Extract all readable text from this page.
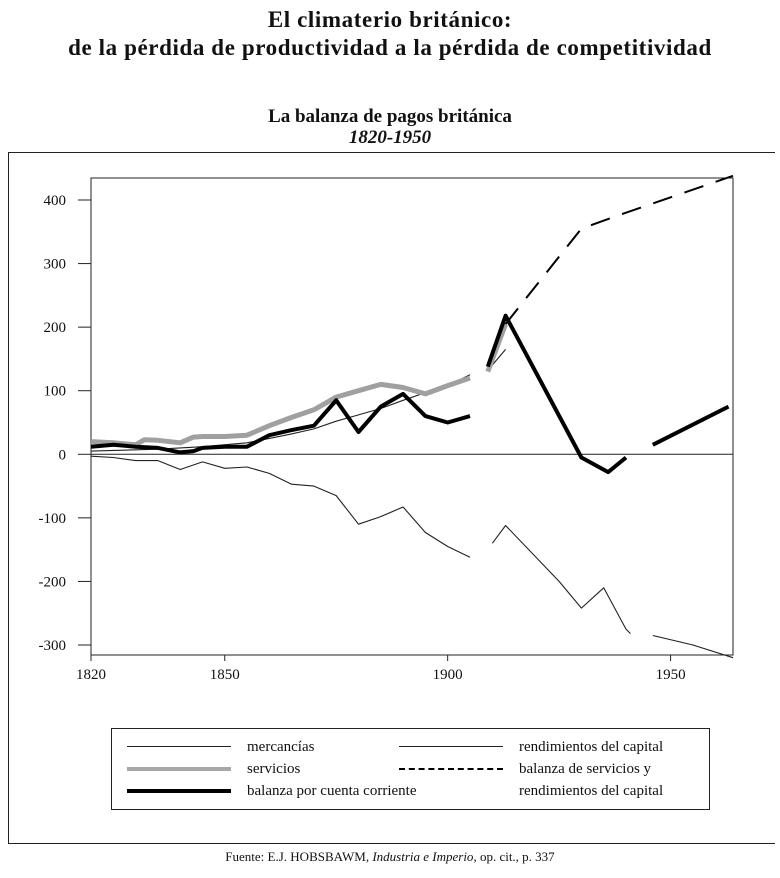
El climaterio británico:
de la pérdida de productividad a la pérdida de competitividad
La balanza de pagos británica
1820-1950
-300
-200
-100
0
100
200
300
400
1820	1850	1900	1950
mercancías
servicios
balanza por cuenta corriente
rendimientos del capital
balanza de servicios y
rendimientos del capital
Fuente: E.J. HOBSBAWM, Industria e Imperio, op. cit., p. 337
